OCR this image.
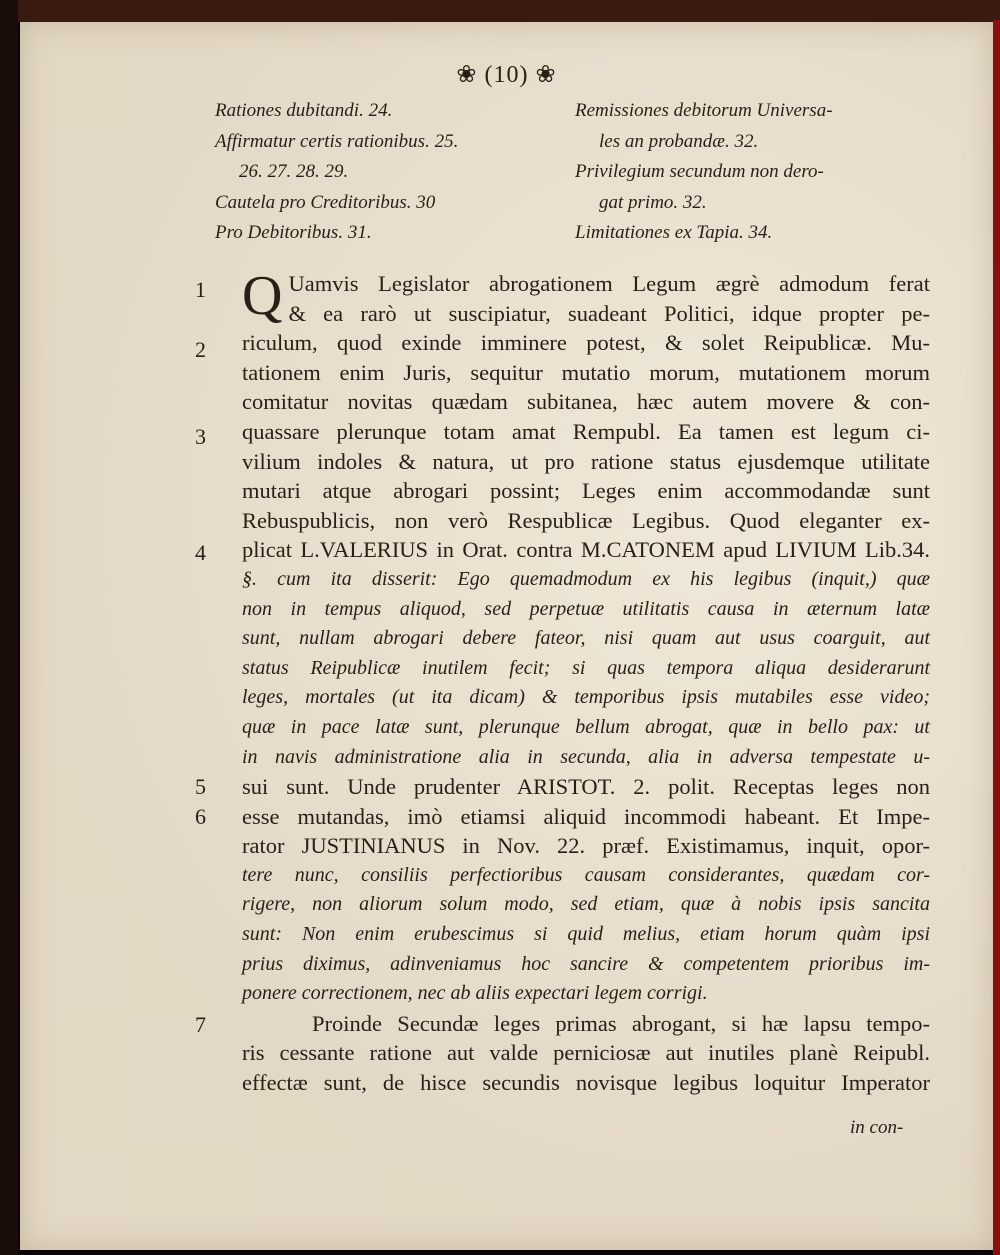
❀ (10) ❀
Rationes dubitandi. 24.
Affirmatur certis rationibus. 25.
26. 27. 28. 29.
Cautela pro Creditoribus. 30
Pro Debitoribus. 31.
Remissiones debitorum Universa-
les an probandæ. 32.
Privilegium secundum non dero-
gat primo. 32.
Limitationes ex Tapia. 34.
1
2
3
4
5
6
7
Q Uamvis Legislator abrogationem Legum ægrè admodum ferat
& ea rarò ut suscipiatur, suadeant Politici, idque propter pe-
riculum, quod exinde imminere potest, & solet Reipublicæ. Mu-
tationem enim Juris, sequitur mutatio morum, mutationem morum
comitatur novitas quædam subitanea, hæc autem movere & con-
quassare plerunque totam amat Rempubl. Ea tamen est legum ci-
vilium indoles & natura, ut pro ratione status ejusdemque utilitate
mutari atque abrogari possint; Leges enim accommodandæ sunt
Rebuspublicis, non verò Respublicæ Legibus. Quod eleganter ex-
plicat L.VALERIUS in Orat. contra M.CATONEM apud LIVIUM Lib.34.
§. cum ita disserit: Ego quemadmodum ex his legibus (inquit,) quæ
non in tempus aliquod, sed perpetuæ utilitatis causa in æternum latæ
sunt, nullam abrogari debere fateor, nisi quam aut usus coarguit, aut
status Reipublicæ inutilem fecit; si quas tempora aliqua desiderarunt
leges, mortales (ut ita dicam) & temporibus ipsis mutabiles esse video;
quæ in pace latæ sunt, plerunque bellum abrogat, quæ in bello pax: ut
in navis administratione alia in secunda, alia in adversa tempestate u-
sui sunt. Unde prudenter ARISTOT. 2. polit. Receptas leges non
esse mutandas, imò etiamsi aliquid incommodi habeant. Et Impe-
rator JUSTINIANUS in Nov. 22. præf. Existimamus, inquit, opor-
tere nunc, consiliis perfectioribus causam considerantes, quædam cor-
rigere, non aliorum solum modo, sed etiam, quæ à nobis ipsis sancita
sunt: Non enim erubescimus si quid melius, etiam horum quàm ipsi
prius diximus, adinveniamus hoc sancire & competentem prioribus im-
ponere correctionem, nec ab aliis expectari legem corrigi.
Proinde Secundæ leges primas abrogant, si hæ lapsu tempo-
ris cessante ratione aut valde perniciosæ aut inutiles planè Reipubl.
effectæ sunt, de hisce secundis novisque legibus loquitur Imperator
in con-
